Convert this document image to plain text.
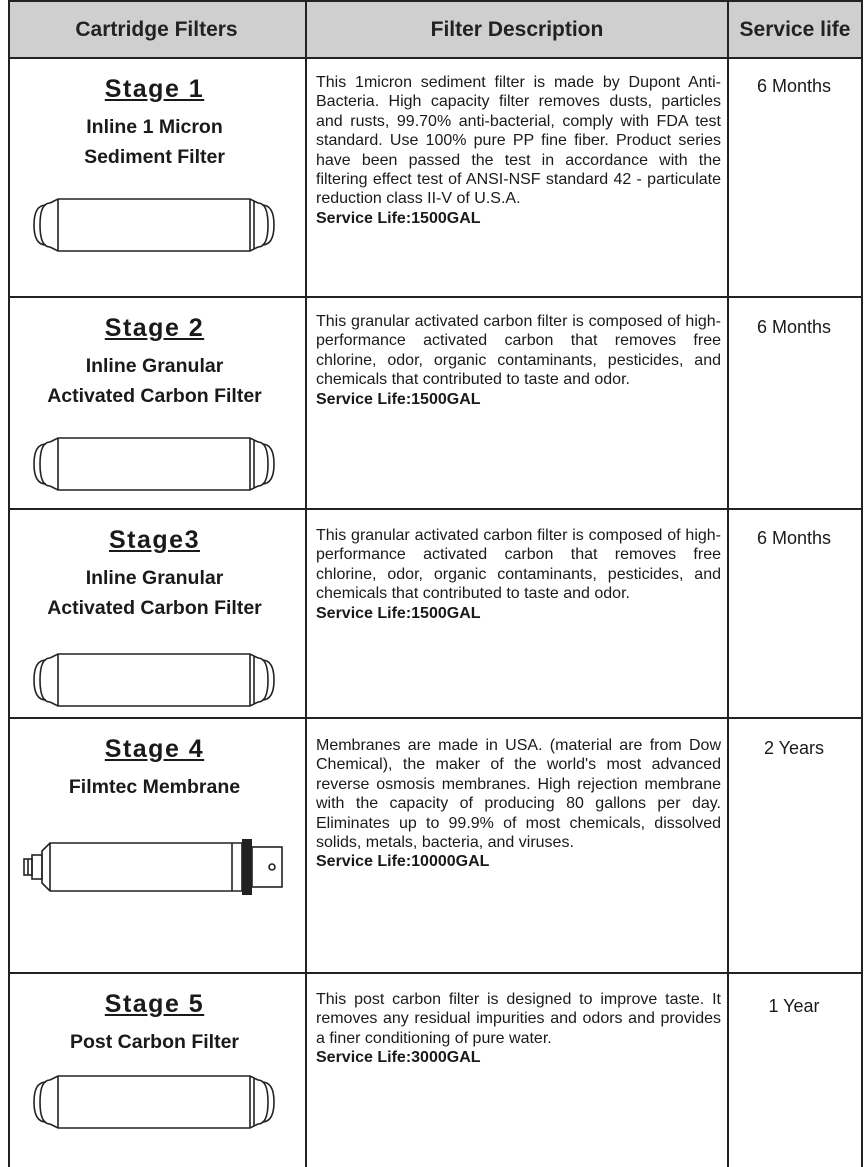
Cartridge Filters	Filter Description	Service life
Stage 1
Inline 1 Micron
Sediment Filter
This 1micron sediment filter is made by Dupont Anti-Bacteria. High capacity filter removes dusts, particles and rusts, 99.70% anti-bacterial, comply with FDA test standard. Use 100% pure PP fine fiber. Product series have been passed the test in accordance with the filtering effect test of ANSI-NSF standard 42 - particulate reduction class II-V of U.S.A.
Service Life:1500GAL
6 Months
Stage 2
Inline Granular
Activated Carbon Filter
This granular activated carbon filter is composed of high-performance activated carbon that removes free chlorine, odor, organic contaminants, pesticides, and chemicals that contributed to taste and odor.
Service Life:1500GAL
6 Months
Stage3
Inline Granular
Activated Carbon Filter
This granular activated carbon filter is composed of high-performance activated carbon that removes free chlorine, odor, organic contaminants, pesticides, and chemicals that contributed to taste and odor.
Service Life:1500GAL
6 Months
Stage 4
Filmtec Membrane
Membranes are made in USA. (material are from Dow Chemical), the maker of the world's most advanced reverse osmosis membranes. High rejection membrane with the capacity of producing 80 gallons per day. Eliminates up to 99.9% of most chemicals, dissolved solids, metals, bacteria, and viruses.
Service Life:10000GAL
2 Years
Stage 5
Post Carbon Filter
This post carbon filter is designed to improve taste. It removes any residual impurities and odors and provides a finer conditioning of pure water.
Service Life:3000GAL
1 Year
